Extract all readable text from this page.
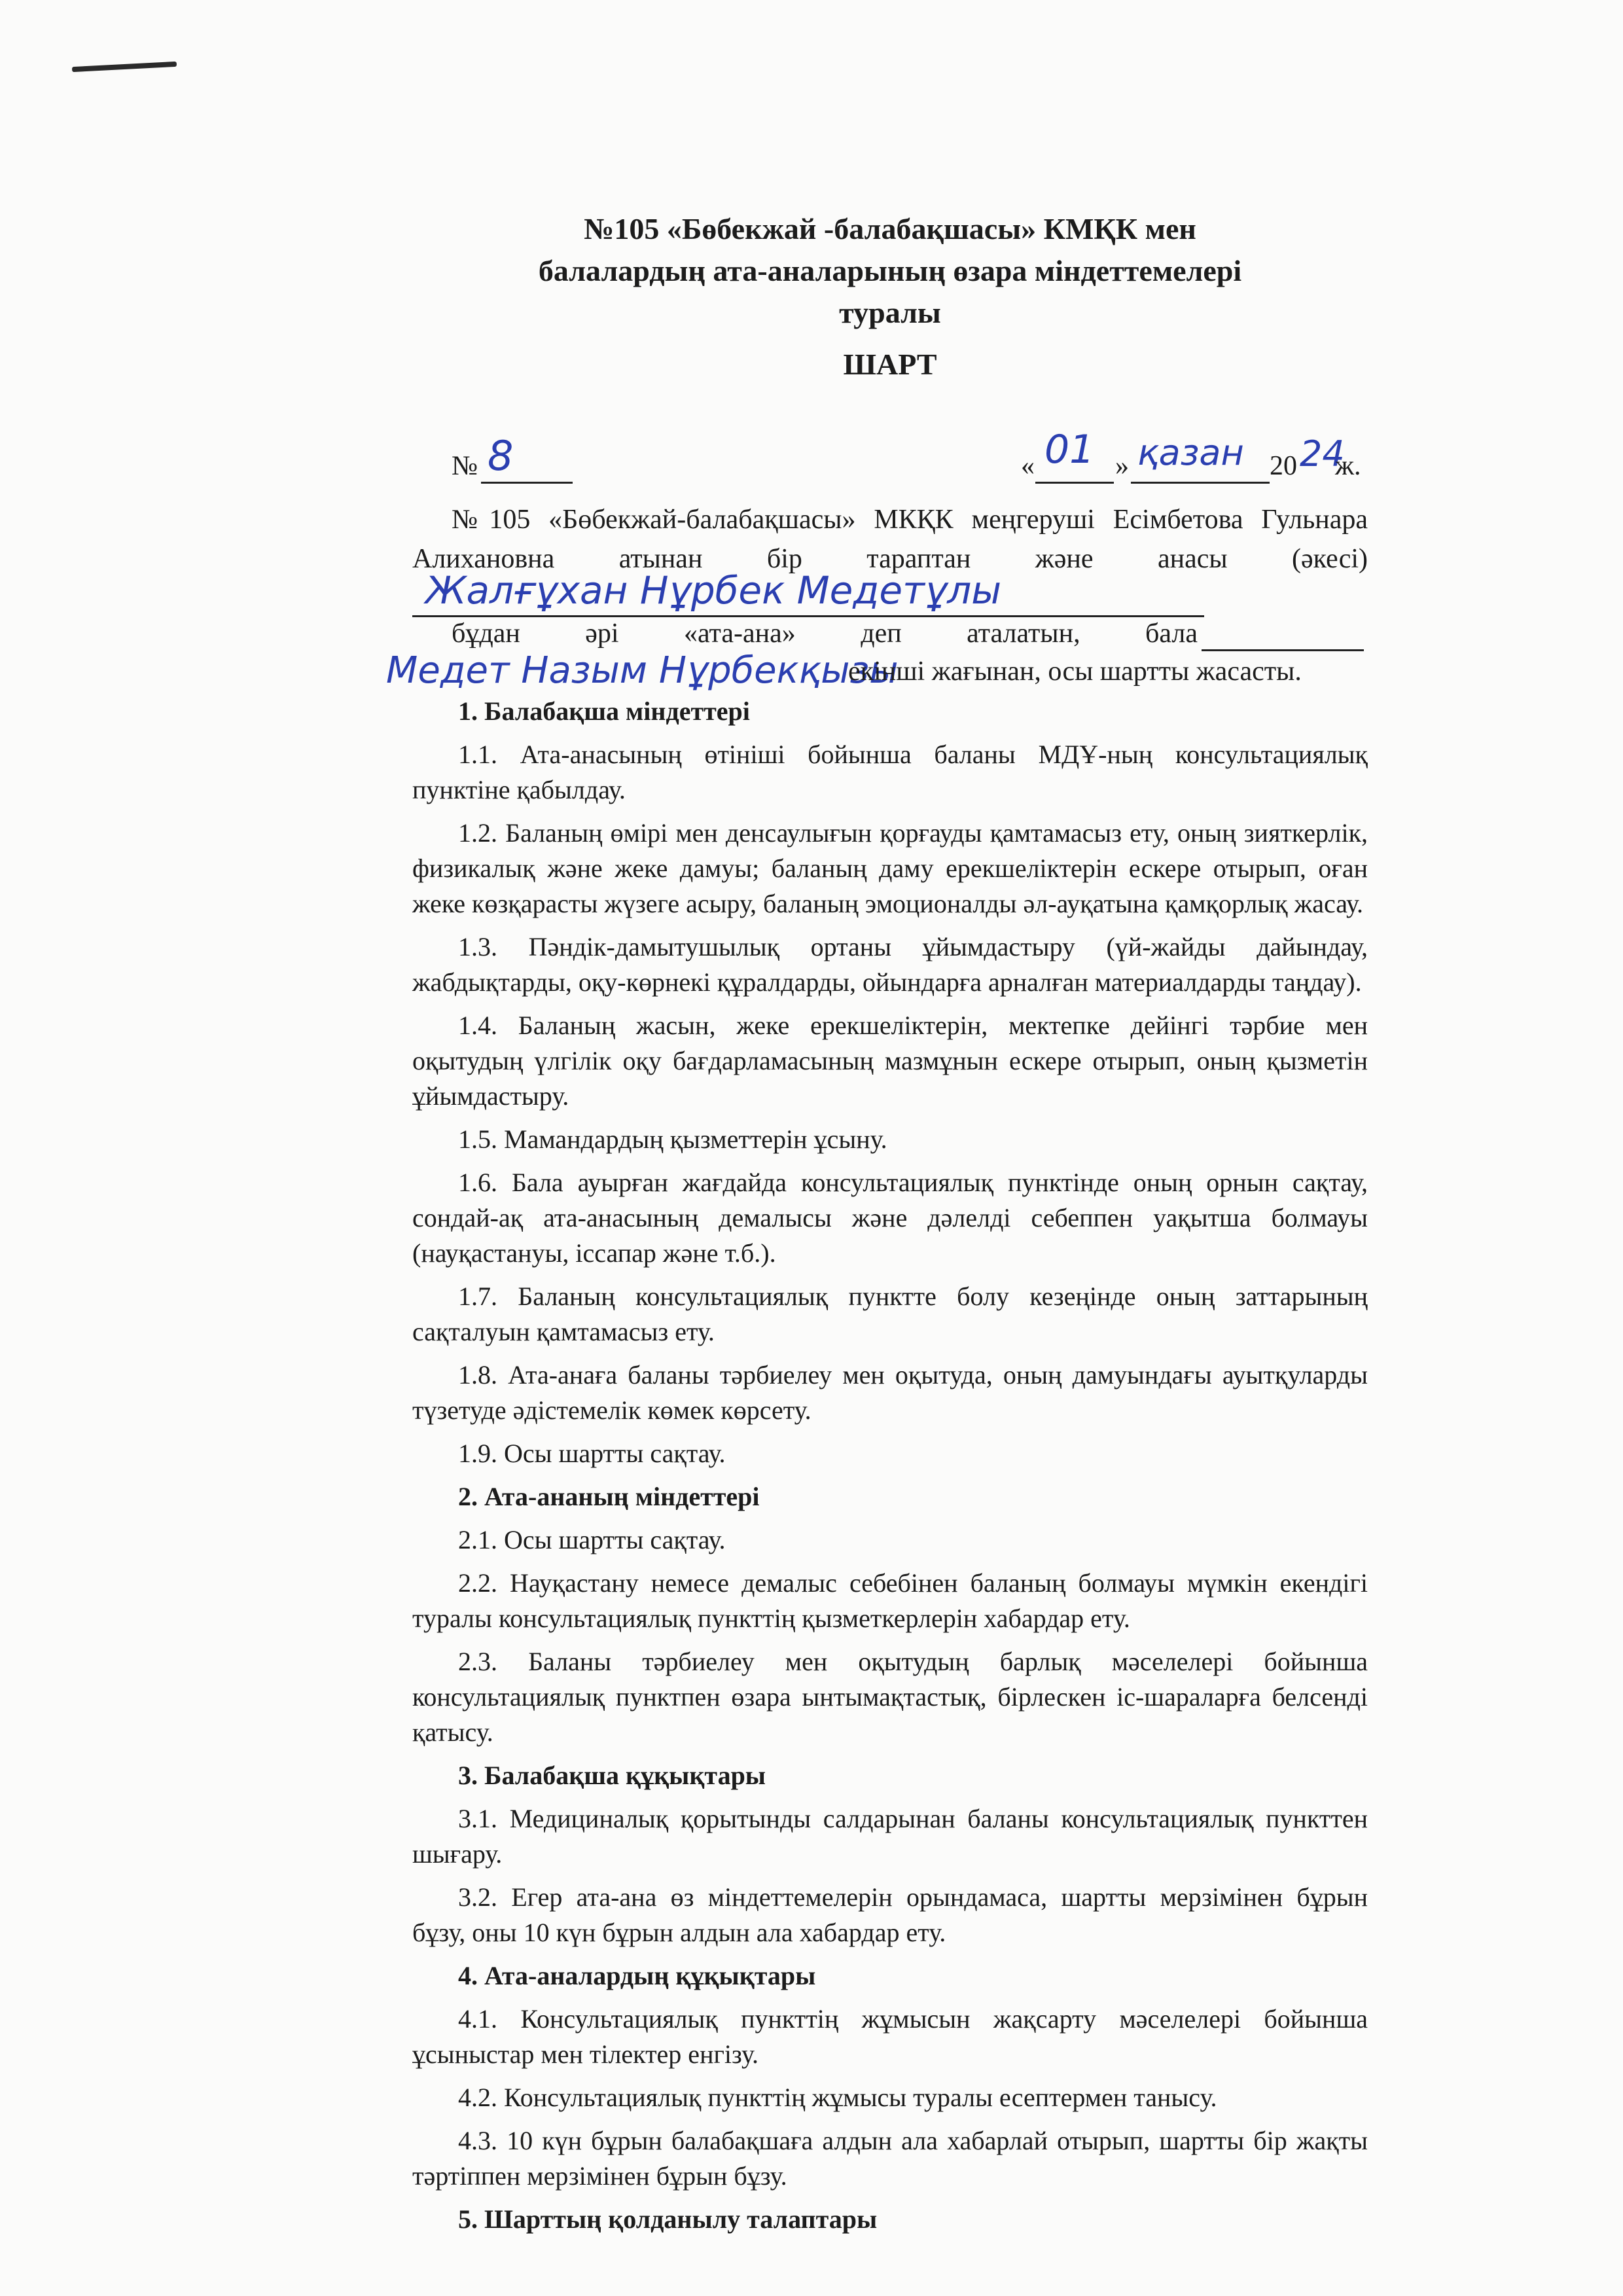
№105 «Бөбекжай -балабақшасы» КМҚК мен
балалардың ата-аналарының өзара міндеттемелері
туралы
ШАРТ
№ 8	« 01 » қазан 20 24
ж.
№105 «Бөбекжай-балабақшасы» МКҚК меңгеруші Есімбетова Гульнара
Алихановна атынан бір тараптан және анасы (әкесі)
Жалғұхан Нұрбек Медетұлы
бұдан әрі «ата-ана» деп аталатын, бала
Медет Назым Нұрбекқызы
екінші жағынан, осы шартты жасасты.
1. Балабақша міндеттері

1.1. Ата-анасының өтініші бойынша баланы МДҰ-ның консультациялық пунктіне қабылдау.

1.2. Баланың өмірі мен денсаулығын қорғауды қамтамасыз ету, оның зияткерлік, физикалық және жеке дамуы; баланың даму ерекшеліктерін ескере отырып, оған жеке көзқарасты жүзеге асыру, баланың эмоционалды әл-ауқатына қамқорлық жасау.

1.3. Пәндік-дамытушылық ортаны ұйымдастыру (үй-жайды дайындау, жабдықтарды, оқу-көрнекі құралдарды, ойындарға арналған материалдарды таңдау).

1.4. Баланың жасын, жеке ерекшеліктерін, мектепке дейінгі тәрбие мен оқытудың үлгілік оқу бағдарламасының мазмұнын ескере отырып, оның қызметін ұйымдастыру.

1.5. Мамандардың қызметтерін ұсыну.

1.6. Бала ауырған жағдайда консультациялық пунктінде оның орнын сақтау, сондай-ақ ата-анасының демалысы және дәлелді себеппен уақытша болмауы (науқастануы, іссапар және т.б.).

1.7. Баланың консультациялық пунктте болу кезеңінде оның заттарының сақталуын қамтамасыз ету.

1.8. Ата-анаға баланы тәрбиелеу мен оқытуда, оның дамуындағы ауытқуларды түзетуде әдістемелік көмек көрсету.

1.9. Осы шартты сақтау.

2. Ата-ананың міндеттері

2.1. Осы шартты сақтау.

2.2. Науқастану немесе демалыс себебінен баланың болмауы мүмкін екендігі туралы консультациялық пункттің қызметкерлерін хабардар ету.

2.3. Баланы тәрбиелеу мен оқытудың барлық мәселелері бойынша консультациялық пунктпен өзара ынтымақтастық, бірлескен іс-шараларға белсенді қатысу.

3. Балабақша құқықтары

3.1. Медициналық қорытынды салдарынан баланы консультациялық пункттен шығару.

3.2. Егер ата-ана өз міндеттемелерін орындамаса, шартты мерзімінен бұрын бұзу, оны 10 күн бұрын алдын ала хабардар ету.

4. Ата-аналардың құқықтары

4.1. Консультациялық пункттің жұмысын жақсарту мәселелері бойынша ұсыныстар мен тілектер енгізу.

4.2. Консультациялық пункттің жұмысы туралы есептермен танысу.

4.3. 10 күн бұрын балабақшаға алдын ала хабарлай отырып, шартты бір жақты тәртіппен мерзімінен бұрын бұзу.

5. Шарттың қолданылу талаптары
